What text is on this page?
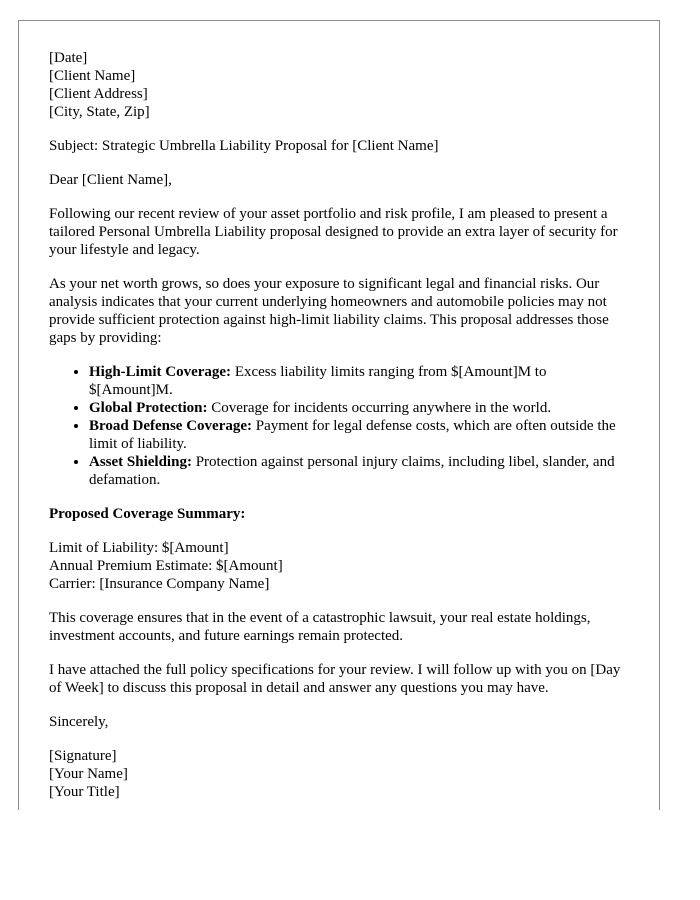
[Date]
[Client Name]
[Client Address]
[City, State, Zip]

Subject: Strategic Umbrella Liability Proposal for [Client Name]

Dear [Client Name],

Following our recent review of your asset portfolio and risk profile, I am pleased to present a tailored Personal Umbrella Liability proposal designed to provide an extra layer of security for your lifestyle and legacy.

As your net worth grows, so does your exposure to significant legal and financial risks. Our analysis indicates that your current underlying homeowners and automobile policies may not provide sufficient protection against high-limit liability claims. This proposal addresses those gaps by providing:

• High-Limit Coverage: Excess liability limits ranging from $[Amount]M to $[Amount]M.
• Global Protection: Coverage for incidents occurring anywhere in the world.
• Broad Defense Coverage: Payment for legal defense costs, which are often outside the limit of liability.
• Asset Shielding: Protection against personal injury claims, including libel, slander, and defamation.
Proposed Coverage Summary:
Limit of Liability: $[Amount]
Annual Premium Estimate: $[Amount]
Carrier: [Insurance Company Name]

This coverage ensures that in the event of a catastrophic lawsuit, your real estate holdings, investment accounts, and future earnings remain protected.

I have attached the full policy specifications for your review. I will follow up with you on [Day of Week] to discuss this proposal in detail and answer any questions you may have.

Sincerely,

[Signature]
[Your Name]
[Your Title]
